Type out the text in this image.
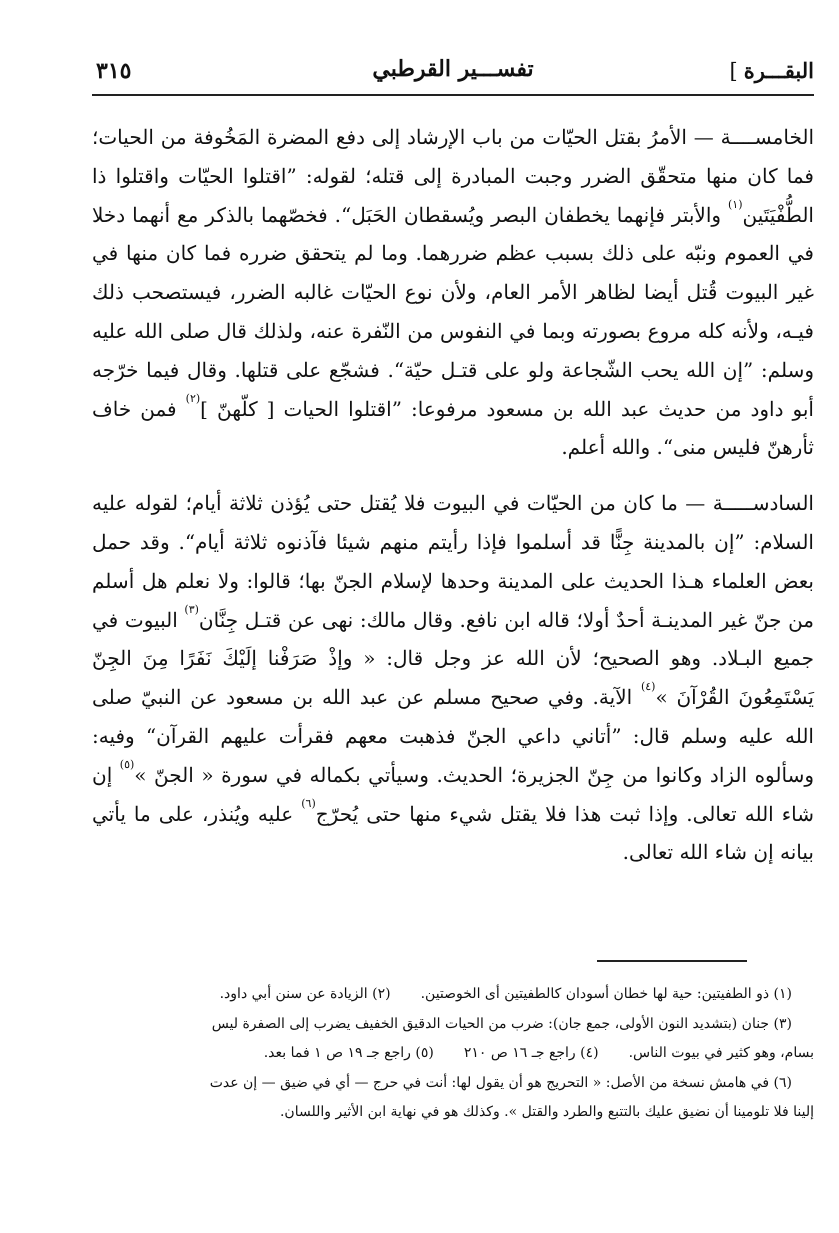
البقـــرة]
تفســـير القرطبي
٣١٥

الخامســــة — الأمرُ بقتل الحيّات من باب الإرشاد إلى دفع المضرة المَخُوفة من الحيات؛ فما كان منها متحقّق الضرر وجبت المبادرة إلى قتله؛ لقوله: ”اقتلوا الحيّات واقتلوا ذا الطُّفْيَتَين$^{(١)}$ والأبتر فإنهما يخطفان البصر ويُسقطان الحَبَل“. فخصّهما بالذكر مع أنهما دخلا في العموم ونبّه على ذلك بسبب عظم ضررهما. وما لم يتحقق ضرره فما كان منها في غير البيوت قُتل أيضا لظاهر الأمر العام، ولأن نوع الحيّات غالبه الضرر، فيستصحب ذلك فيـه، ولأنه كله مروع بصورته وبما في النفوس من النّفرة عنه، ولذلك قال صلى الله عليه وسلم: ”إن الله يحب الشّجاعة ولو على قتـل حيّة“. فشجّع على قتلها. وقال فيما خرّجه أبو داود من حديث عبد الله بن مسعود مرفوعا: ”اقتلوا الحيات [ كلّهنّ ]$^{(٢)}$ فمن خاف ثأرهنّ فليس منى“. والله أعلم.

السادســـــة — ما كان من الحيّات في البيوت فلا يُقتل حتى يُؤذن ثلاثة أيام؛ لقوله عليه السلام: ”إن بالمدينة جِنًّا قد أسلموا فإذا رأيتم منهم شيئا فآذنوه ثلاثة أيام“. وقد حمل بعض العلماء هـذا الحديث على المدينة وحدها لإسلام الجنّ بها؛ قالوا: ولا نعلم هل أسلم من جنّ غير المدينـة أحدٌ أولا؛ قاله ابن نافع. وقال مالك: نهى عن قتـل جِنَّان$^{(٣)}$ البيوت في جميع البـلاد. وهو الصحيح؛ لأن الله عز وجل قال: « وإذْ صَرَفْنا إلَيْكَ نَفَرًا مِنَ الجِنّ يَسْتَمِعُونَ القُرْآنَ »$^{(٤)}$ الآية. وفي صحيح مسلم عن عبد الله بن مسعود عن النبيّ صلى الله عليه وسلم قال: ”أتاني داعي الجنّ فذهبت معهم فقرأت عليهم القرآن“ وفيه: وسألوه الزاد وكانوا من جِنّ الجزيرة؛ الحديث. وسيأتي بكماله في سورة « الجنّ »$^{(٥)}$ إن شاء الله تعالى. وإذا ثبت هذا فلا يقتل شيء منها حتى يُحرّج$^{(٦)}$ عليه ويُنذر، على ما يأتي بيانه إن شاء الله تعالى.

(١) ذو الطفيتين: حية لها خطان أسودان كالطفيتين أى الخوصتين.(٢) الزيادة عن سنن أبي داود.

(٣) جنان (بتشديد النون الأولى، جمع جان): ضرب من الحيات الدقيق الخفيف يضرب إلى الصفرة ليس

بسام، وهو كثير في بيوت الناس.(٤) راجع جـ ١٦ ص ٢١٠(٥) راجع جـ ١٩ ص ١ فما بعد.

(٦) في هامش نسخة من الأصل: « التحريج هو أن يقول لها: أنت في حرج — أي في ضيق — إن عدت

إلينا فلا تلومينا أن نضيق عليك بالتتبع والطرد والقتل ». وكذلك هو في نهاية ابن الأثير واللسان.
